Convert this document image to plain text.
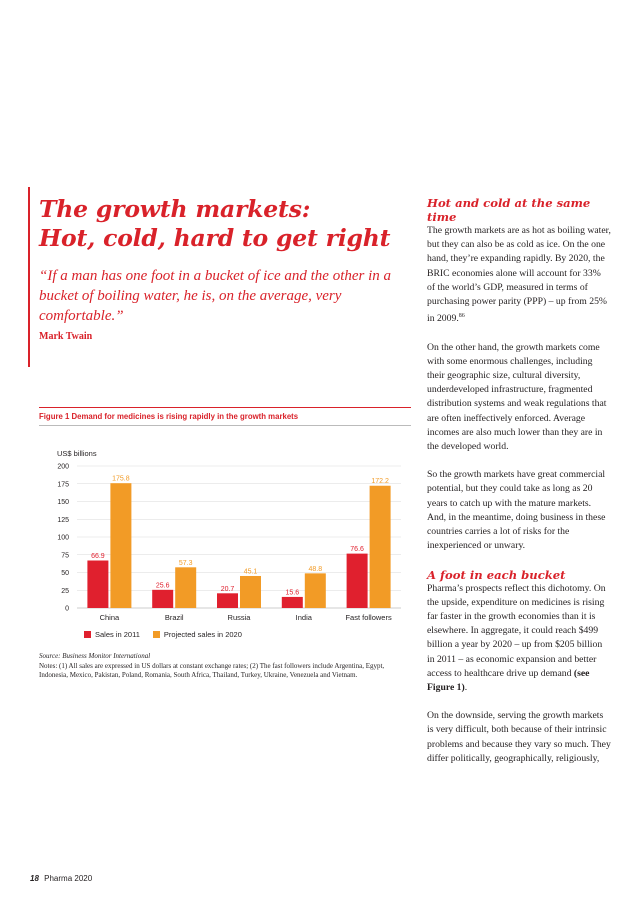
The growth markets:
Hot, cold, hard to get right
“If a man has one foot in a bucket of ice and the other in a bucket of boiling water, he is, on the average, very comfortable.”
Mark Twain
Figure 1 Demand for medicines is rising rapidly in the growth markets
US$ billions
0
25
50
75
100
125
150
175
200
66.9
175.8
China
25.6
57.3
Brazil
20.7
45.1
Russia
15.6
48.8
India
76.6
172.2
Fast followers
Sales in 2011	Projected sales in 2020
Source: Business Monitor International
Notes: (1) All sales are expressed in US dollars at constant exchange rates; (2) The fast followers include Argentina, Egypt, Indonesia, Mexico, Pakistan, Poland, Romania, South Africa, Thailand, Turkey, Ukraine, Venezuela and Vietnam.
Hot and cold at the same time

The growth markets are as hot as boiling water, but they can also be as cold as ice. On the one hand, they’re expanding rapidly. By 2020, the BRIC economies alone will account for 33% of the world’s GDP, measured in terms of purchasing power parity (PPP) – up from 25% in 2009.86

On the other hand, the growth markets come with some enormous challenges, including their geographic size, cultural diversity, underdeveloped infrastructure, fragmented distribution systems and weak regulations that are often ineffectively enforced. Average incomes are also much lower than they are in the developed world.

So the growth markets have great commercial potential, but they could take as long as 20 years to catch up with the mature markets. And, in the meantime, doing business in these countries carries a lot of risks for the inexperienced or unwary.

A foot in each bucket

Pharma’s prospects reflect this dichotomy. On the upside, expenditure on medicines is rising far faster in the growth economies than it is elsewhere. In aggregate, it could reach $499 billion a year by 2020 – up from $205 billion in 2011 – as economic expansion and better access to healthcare drive up demand (see Figure 1).

On the downside, serving the growth markets is very difficult, both because of their intrinsic problems and because they vary so much. They differ politically, geographically, religiously,

18 Pharma 2020
